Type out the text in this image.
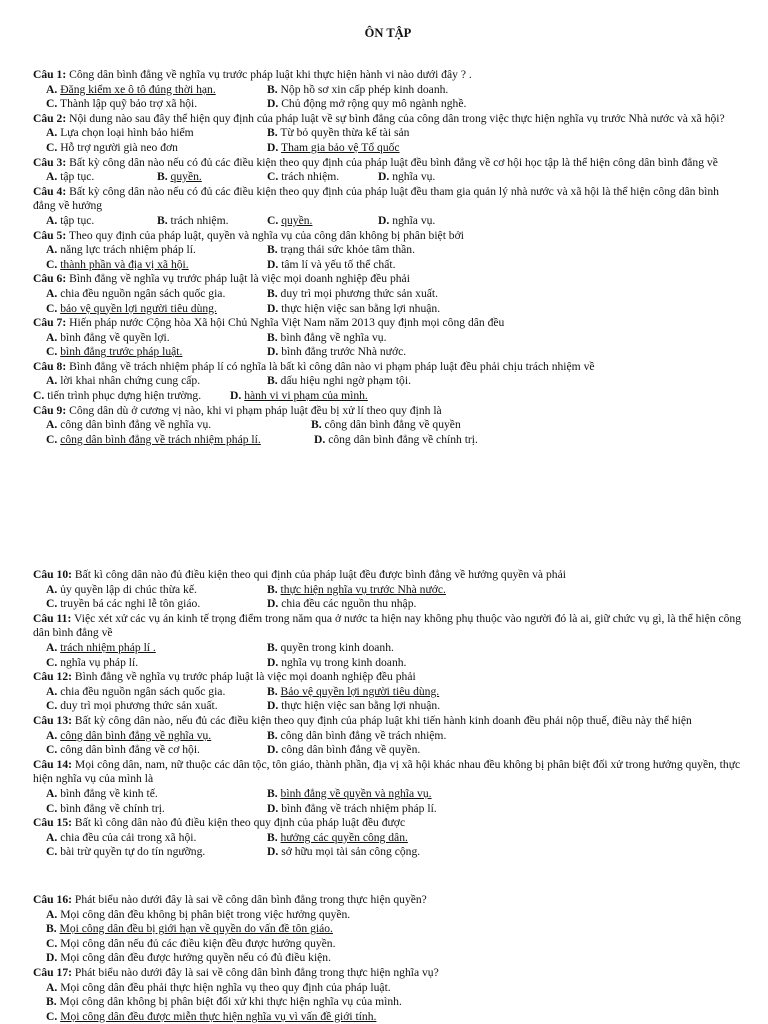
ÔN TẬP
Câu 1: Công dân bình đẳng về nghĩa vụ trước pháp luật khi thực hiện hành vi nào dưới đây ? .
A. Đăng kiểm xe ô tô đúng thời hạn.	B. Nộp hồ sơ xin cấp phép kinh doanh.
C. Thành lập quỹ bảo trợ xã hội.	D. Chủ động mở rộng quy mô ngành nghề.
Câu 2: Nội dung nào sau đây thể hiện quy định của pháp luật về sự bình đẳng của công dân trong việc thực hiện nghĩa vụ trước Nhà nước và xã hội?
A. Lựa chọn loại hình bảo hiểm	B. Từ bỏ quyền thừa kế tài sản
C. Hỗ trợ người già neo đơn	D. Tham gia bảo vệ Tổ quốc
Câu 3: Bất kỳ công dân nào nếu có đủ các điều kiện theo quy định của pháp luật đều bình đẳng về cơ hội học tập là thể hiện công dân bình đẳng về
A. tập tục.	B. quyền.	C. trách nhiệm.	D. nghĩa vụ.
Câu 4: Bất kỳ công dân nào nếu có đủ các điều kiện theo quy định của pháp luật đều tham gia quản lý nhà nước và xã hội là thể hiện công dân bình đẳng về hưởng
A. tập tục.	B. trách nhiệm.	C. quyền.	D. nghĩa vụ.
Câu 5: Theo quy định của pháp luật, quyền và nghĩa vụ của công dân không bị phân biệt bởi
A. năng lực trách nhiệm pháp lí.	B. trạng thái sức khỏe tâm thần.
C. thành phần và địa vị xã hội.	D. tâm lí và yếu tố thể chất.
Câu 6: Bình đẳng về nghĩa vụ trước pháp luật là việc mọi doanh nghiệp đều phải
A. chia đều nguồn ngân sách quốc gia.	B. duy trì mọi phương thức sản xuất.
C. bảo vệ quyền lợi người tiêu dùng.	D. thực hiện việc san bằng lợi nhuận.
Câu 7: Hiến pháp nước Cộng hòa Xã hội Chủ Nghĩa Việt Nam năm 2013 quy định mọi công dân đều
A. bình đẳng về quyền lợi.	B. bình đẳng về nghĩa vụ.
C. bình đẳng trước pháp luật.	D. bình đẳng trước Nhà nước.
Câu 8: Bình đẳng về trách nhiệm pháp lí có nghĩa là bất kì công dân nào vi phạm pháp luật đều phải chịu trách nhiệm về
A. lời khai nhân chứng cung cấp.	B. dấu hiệu nghi ngờ phạm tội.
C. tiến trình phục dựng hiện trường. D. hành vi vi phạm của mình.
Câu 9: Công dân dù ở cương vị nào, khi vi phạm pháp luật đều bị xử lí theo quy định là
A. công dân bình đẳng về nghĩa vụ.	B. công dân bình đẳng về quyền
C. công dân bình đẳng về trách nhiệm pháp lí.	D. công dân bình đẳng về chính trị.
Câu 10: Bất kì công dân nào đủ điều kiện theo qui định của pháp luật đều được bình đẳng về hưởng quyền và phải
A. ủy quyền lập di chúc thừa kế.	B. thực hiện nghĩa vụ trước Nhà nước.
C. truyền bá các nghi lễ tôn giáo.	D. chia đều các nguồn thu nhập.
Câu 11: Việc xét xử các vụ án kinh tế trọng điểm trong năm qua ở nước ta hiện nay không phụ thuộc vào người đó là ai, giữ chức vụ gì, là thể hiện công dân bình đẳng về
A. trách nhiệm pháp lí .	B. quyền trong kinh doanh.
C. nghĩa vụ pháp lí.	D. nghĩa vụ trong kinh doanh.
Câu 12: Bình đẳng về nghĩa vụ trước pháp luật là việc mọi doanh nghiệp đều phải
A. chia đều nguồn ngân sách quốc gia.	B. Bảo vệ quyền lợi người tiêu dùng.
C. duy trì mọi phương thức sản xuất.	D. thực hiện việc san bằng lợi nhuận.
Câu 13: Bất kỳ công dân nào, nếu đủ các điều kiện theo quy định của pháp luật khi tiến hành kinh doanh đều phải nộp thuế, điều này thể hiện
A. công dân bình đẳng về nghĩa vụ.	B. công dân bình đẳng về trách nhiệm.
C. công dân bình đẳng về cơ hội.	D. công dân bình đẳng về quyền.
Câu 14: Mọi công dân, nam, nữ thuộc các dân tộc, tôn giáo, thành phần, địa vị xã hội khác nhau đều không bị phân biệt đối xử trong hưởng quyền, thực hiện nghĩa vụ của mình là
A. bình đẳng về kinh tế.	B. bình đẳng về quyền và nghĩa vụ.
C. bình đẳng về chính trị.	D. bình đẳng về trách nhiệm pháp lí.
Câu 15: Bất kì công dân nào đủ điều kiện theo quy định của pháp luật đều được
A. chia đều của cải trong xã hội.	B. hưởng các quyền công dân.
C. bài trừ quyền tự do tín ngưỡng.	D. sở hữu mọi tài sản công cộng.
Câu 16: Phát biểu nào dưới đây là sai về công dân bình đẳng trong thực hiện quyền?
A. Mọi công dân đều không bị phân biệt trong việc hưởng quyền.
B. Mọi công dân đều bị giới hạn về quyền do vấn đề tôn giáo.
C. Mọi công dân nếu đủ các điều kiện đều được hưởng quyền.
D. Mọi công dân đều được hưởng quyền nếu có đủ điều kiện.
Câu 17: Phát biểu nào dưới đây là sai về công dân bình đẳng trong thực hiện nghĩa vụ?
A. Mọi công dân đều phải thực hiện nghĩa vụ theo quy định của pháp luật.
B. Mọi công dân không bị phân biệt đối xử khi thực hiện nghĩa vụ của mình.
C. Mọi công dân đều được miễn thực hiện nghĩa vụ vì vấn đề giới tính.
